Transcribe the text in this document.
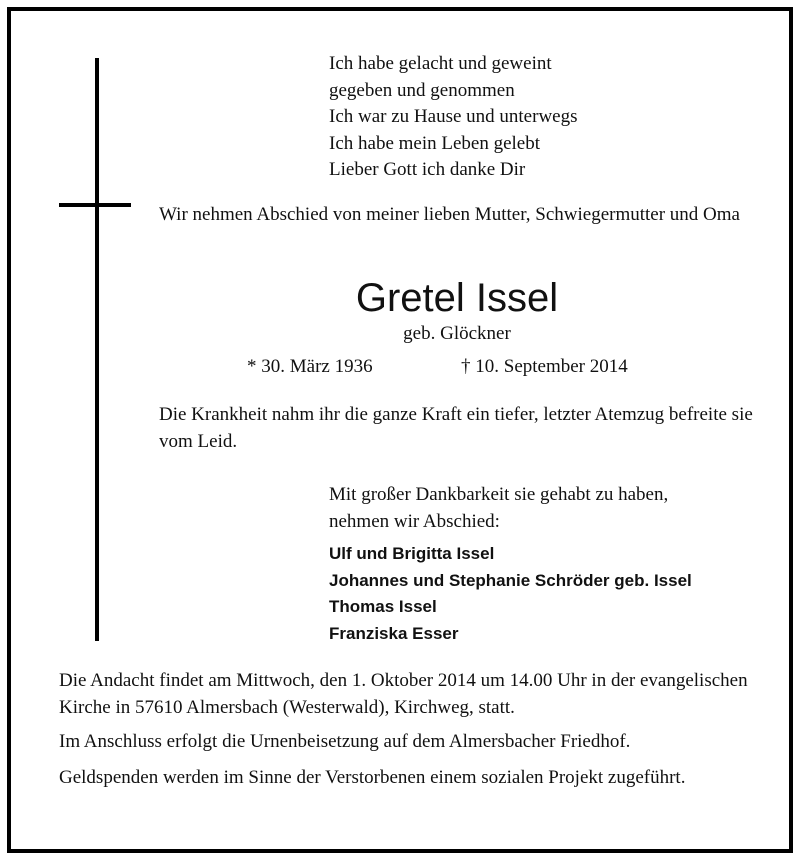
Ich habe gelacht und geweint
gegeben und genommen
Ich war zu Hause und unterwegs
Ich habe mein Leben gelebt
Lieber Gott ich danke Dir
Wir nehmen Abschied von meiner lieben Mutter, Schwiegermutter und Oma
Gretel Issel
geb. Glöckner
* 30. März 1936	† 10. September 2014
Die Krankheit nahm ihr die ganze Kraft ein tiefer, letzter Atemzug befreite sie vom Leid.
Mit großer Dankbarkeit sie gehabt zu haben,
nehmen wir Abschied:
Ulf und Brigitta Issel
Johannes und Stephanie Schröder geb. Issel
Thomas Issel
Franziska Esser

Die Andacht findet am Mittwoch, den 1. Oktober 2014 um 14.00 Uhr in der evangelischen Kirche in 57610 Almersbach (Westerwald), Kirchweg, statt.

Im Anschluss erfolgt die Urnenbeisetzung auf dem Almersbacher Friedhof.

Geldspenden werden im Sinne der Verstorbenen einem sozialen Projekt zugeführt.
